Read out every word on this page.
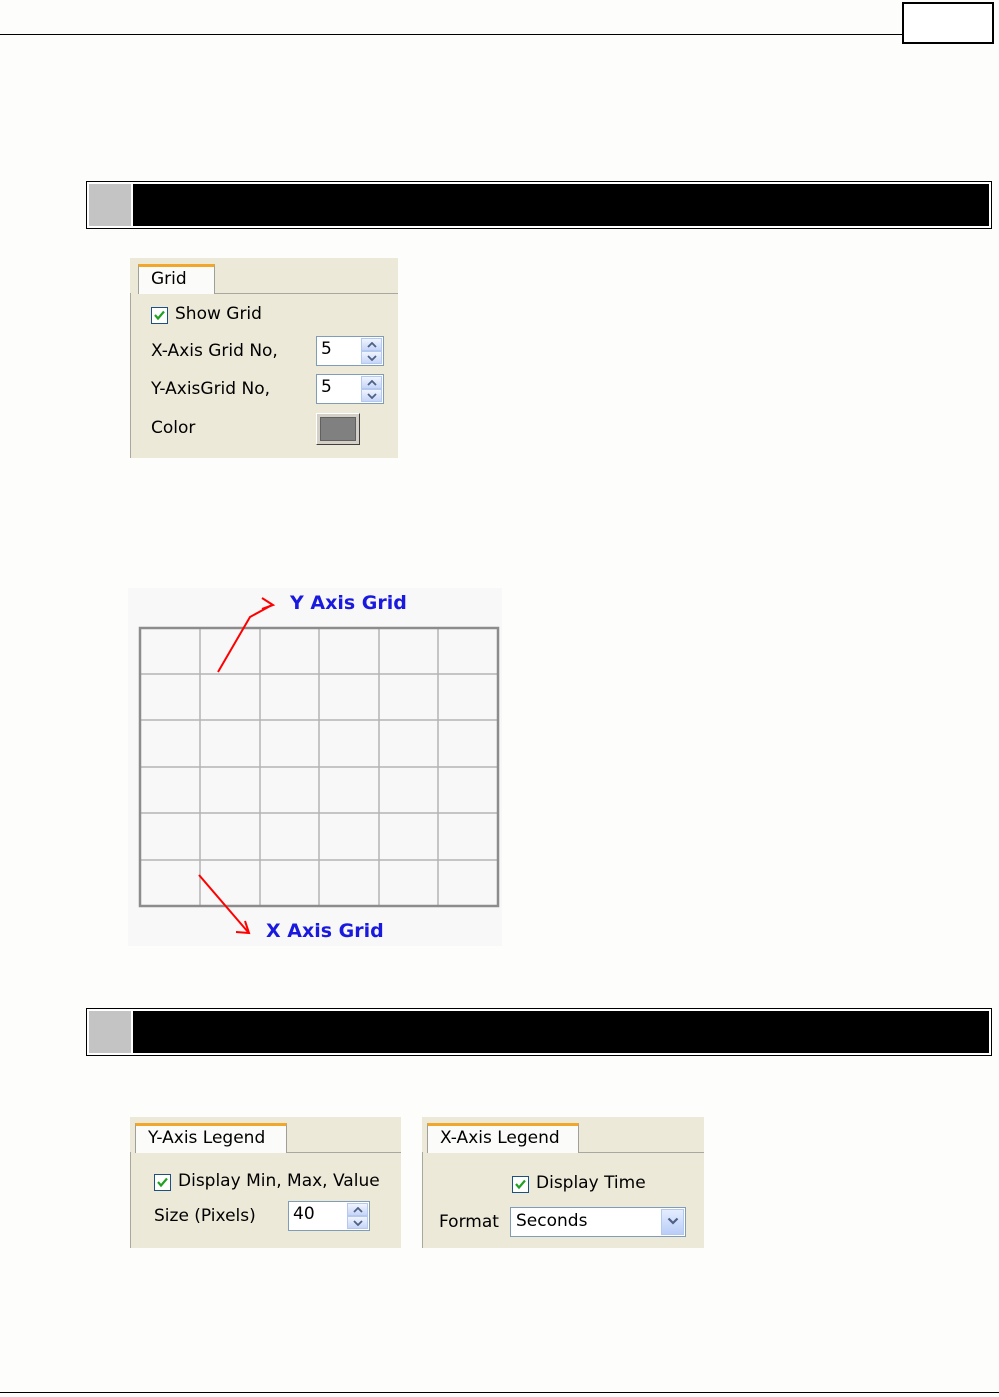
Grid
Show Grid
X-Axis Grid No,	5
Y-AxisGrid No,	5
Color
Y Axis Grid
X Axis Grid
Y-Axis Legend
Display Min, Max, Value
Size (Pixels) 40
X-Axis Legend
Display Time
Format Seconds
